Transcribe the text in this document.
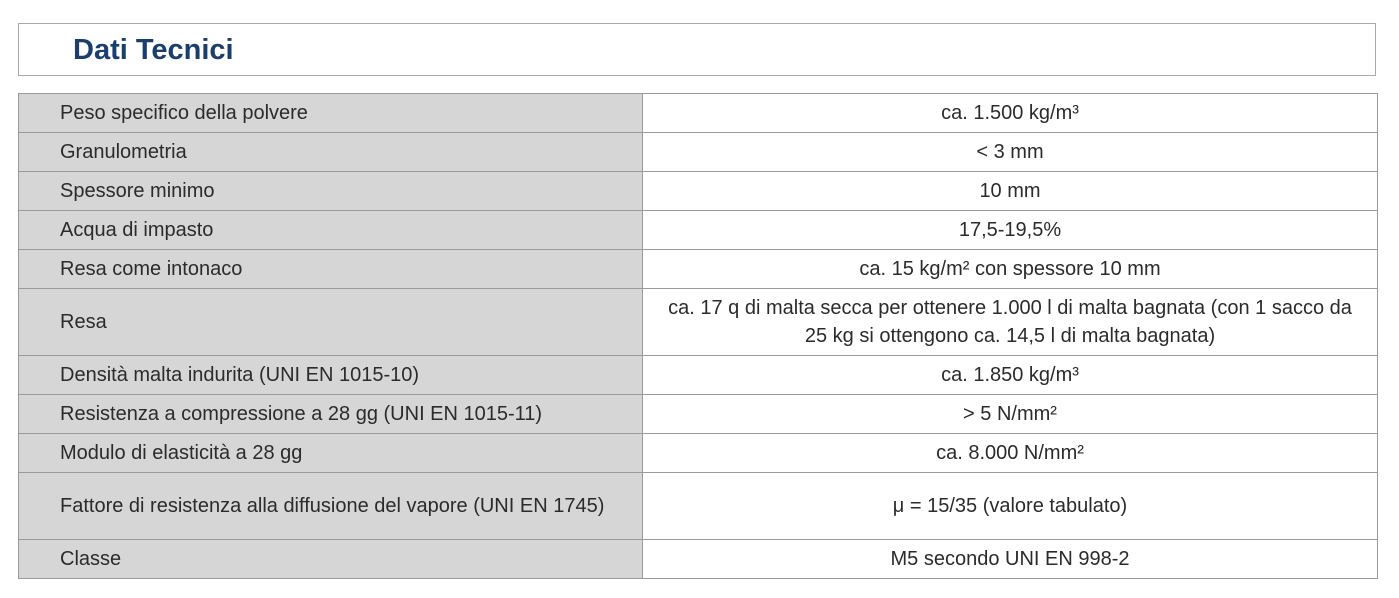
Dati Tecnici
Peso specifico della polvere	ca. 1.500 kg/m³
Granulometria	< 3 mm
Spessore minimo	10 mm
Acqua di impasto	17,5-19,5%
Resa come intonaco	ca. 15 kg/m² con spessore 10 mm
Resa	ca. 17 q di malta secca per ottenere 1.000 l di malta bagnata (con 1 sacco da 25 kg si ottengono ca. 14,5 l di malta bagnata)
Densità malta indurita (UNI EN 1015-10)	ca. 1.850 kg/m³
Resistenza a compressione a 28 gg (UNI EN 1015-11)	> 5 N/mm²
Modulo di elasticità a 28 gg	ca. 8.000 N/mm²
Fattore di resistenza alla diffusione del vapore (UNI EN 1745)	μ = 15/35 (valore tabulato)
Classe	M5 secondo UNI EN 998-2
